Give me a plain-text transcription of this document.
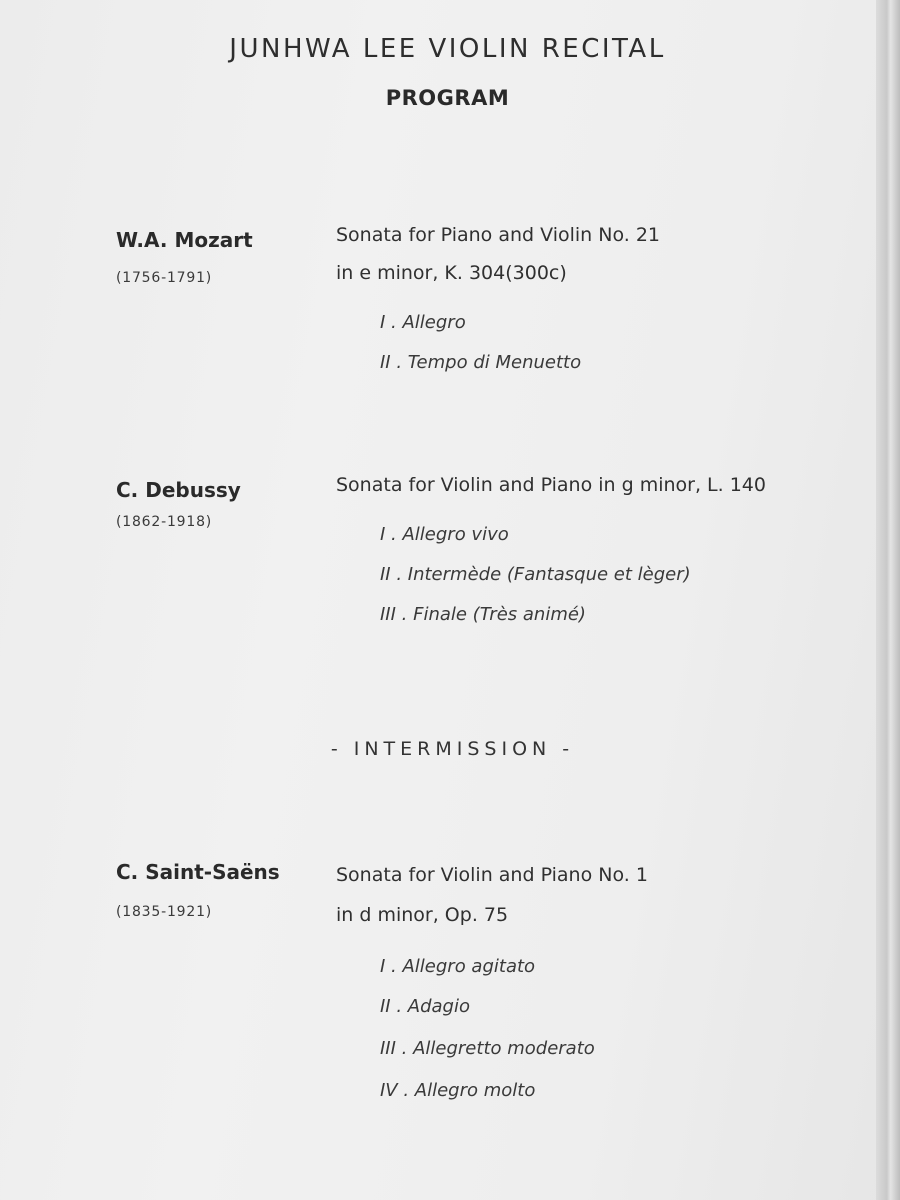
JUNHWA LEE VIOLIN RECITAL
PROGRAM
W.A. Mozart
(1756-1791)
Sonata for Piano and Violin No. 21
in e minor, K. 304(300c)
I . Allegro
II . Tempo di Menuetto
C. Debussy
(1862-1918)
Sonata for Violin and Piano in g minor, L. 140
I . Allegro vivo
II . Intermède (Fantasque et lèger)
III . Finale (Très animé)
- INTERMISSION -
C. Saint-Saëns
(1835-1921)
Sonata for Violin and Piano No. 1
in d minor, Op. 75
I . Allegro agitato
II . Adagio
III . Allegretto moderato
IV . Allegro molto
